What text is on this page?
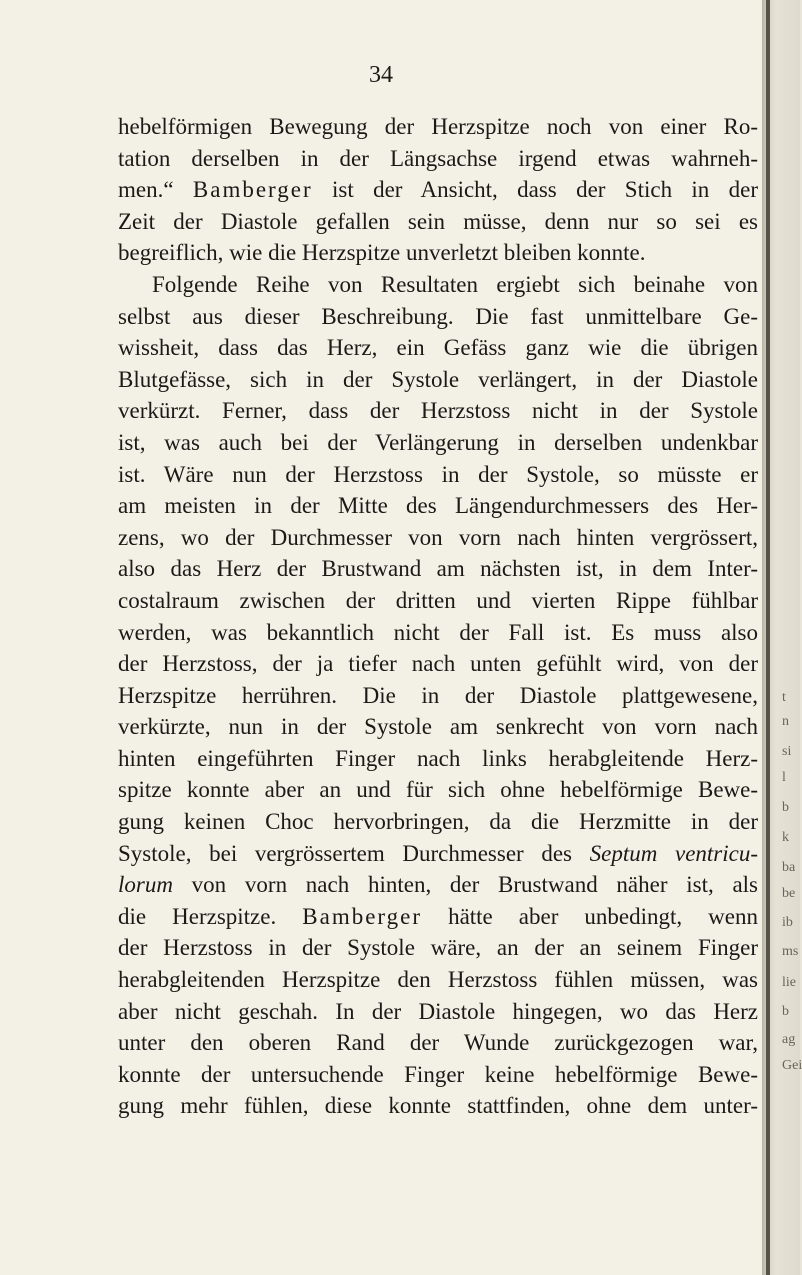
34
hebelförmigen Bewegung der Herzspitze noch von einer Ro-
tation derselben in der Längsachse irgend etwas wahrneh-
men.“ Bamberger ist der Ansicht, dass der Stich in der
Zeit der Diastole gefallen sein müsse, denn nur so sei es
begreiflich, wie die Herzspitze unverletzt bleiben konnte.
Folgende Reihe von Resultaten ergiebt sich beinahe von
selbst aus dieser Beschreibung. Die fast unmittelbare Ge-
wissheit, dass das Herz, ein Gefäss ganz wie die übrigen
Blutgefässe, sich in der Systole verlängert, in der Diastole
verkürzt. Ferner, dass der Herzstoss nicht in der Systole
ist, was auch bei der Verlängerung in derselben undenkbar
ist. Wäre nun der Herzstoss in der Systole, so müsste er
am meisten in der Mitte des Längendurchmessers des Her-
zens, wo der Durchmesser von vorn nach hinten vergrössert,
also das Herz der Brustwand am nächsten ist, in dem Inter-
costalraum zwischen der dritten und vierten Rippe fühlbar
werden, was bekanntlich nicht der Fall ist. Es muss also
der Herzstoss, der ja tiefer nach unten gefühlt wird, von der
Herzspitze herrühren. Die in der Diastole plattgewesene,
verkürzte, nun in der Systole am senkrecht von vorn nach
hinten eingeführten Finger nach links herabgleitende Herz-
spitze konnte aber an und für sich ohne hebelförmige Bewe-
gung keinen Choc hervorbringen, da die Herzmitte in der
Systole, bei vergrössertem Durchmesser des Septum ventricu-
lorum von vorn nach hinten, der Brustwand näher ist, als
die Herzspitze. Bamberger hätte aber unbedingt, wenn
der Herzstoss in der Systole wäre, an der an seinem Finger
herabgleitenden Herzspitze den Herzstoss fühlen müssen, was
aber nicht geschah. In der Diastole hingegen, wo das Herz
unter den oberen Rand der Wunde zurückgezogen war,
konnte der untersuchende Finger keine hebelförmige Bewe-
gung mehr fühlen, diese konnte stattfinden, ohne dem unter-
t
n
si
l
b
k
ba
be
ib
ms
lie
b
ag
Gei
